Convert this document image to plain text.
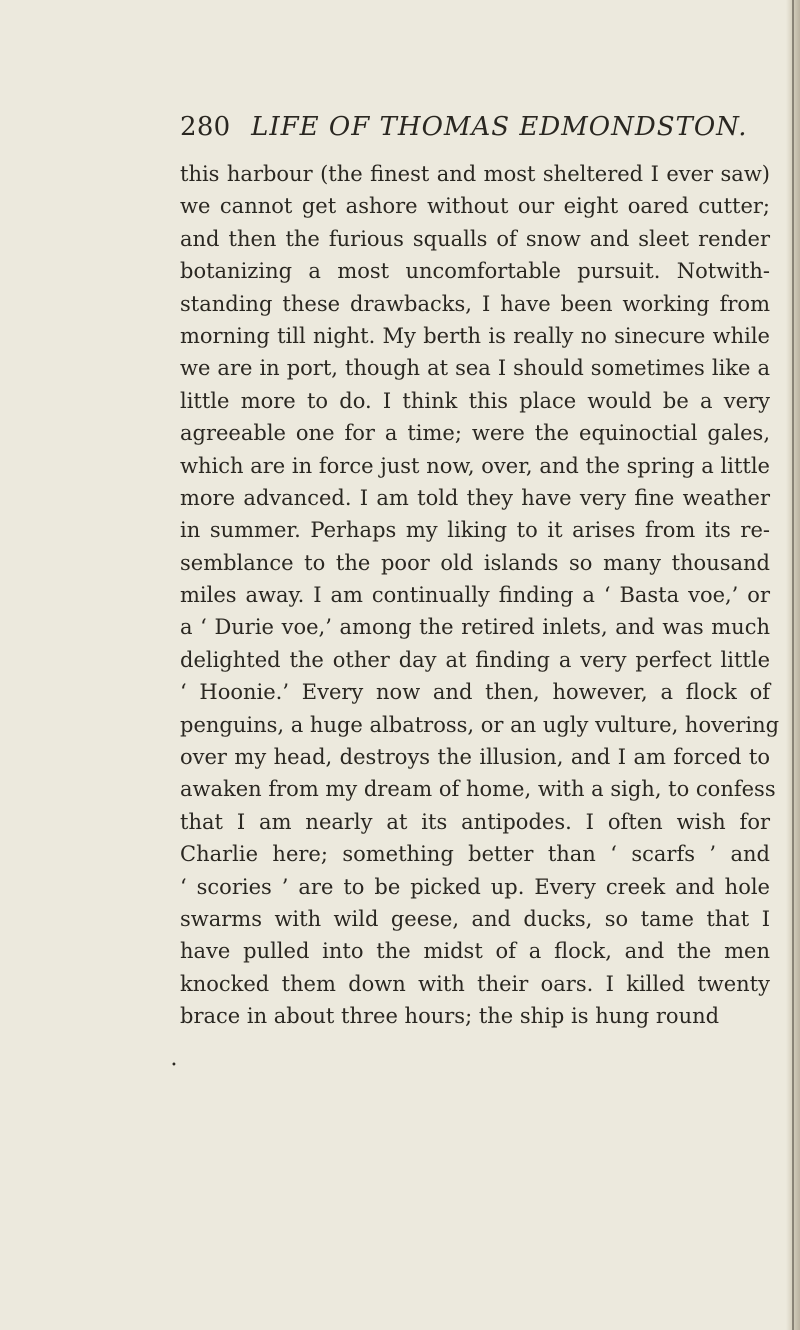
280 LIFE OF THOMAS EDMONDSTON.
this harbour (the finest and most sheltered I ever saw)
we cannot get ashore without our eight oared cutter;
and then the furious squalls of snow and sleet render
botanizing a most uncomfortable pursuit. Notwith-
standing these drawbacks, I have been working from
morning till night. My berth is really no sinecure while
we are in port, though at sea I should sometimes like a
little more to do. I think this place would be a very
agreeable one for a time; were the equinoctial gales,
which are in force just now, over, and the spring a little
more advanced. I am told they have very fine weather
in summer. Perhaps my liking to it arises from its re-
semblance to the poor old islands so many thousand
miles away. I am continually finding a ‘ Basta voe,’ or
a ‘ Durie voe,’ among the retired inlets, and was much
delighted the other day at finding a very perfect little
‘ Hoonie.’ Every now and then, however, a flock of
penguins, a huge albatross, or an ugly vulture, hovering
over my head, destroys the illusion, and I am forced to
awaken from my dream of home, with a sigh, to confess
that I am nearly at its antipodes. I often wish for
Charlie here; something better than ‘ scarfs ’ and
‘ scories ’ are to be picked up. Every creek and hole
swarms with wild geese, and ducks, so tame that I
have pulled into the midst of a flock, and the men
knocked them down with their oars. I killed twenty
brace in about three hours; the ship is hung round
•
